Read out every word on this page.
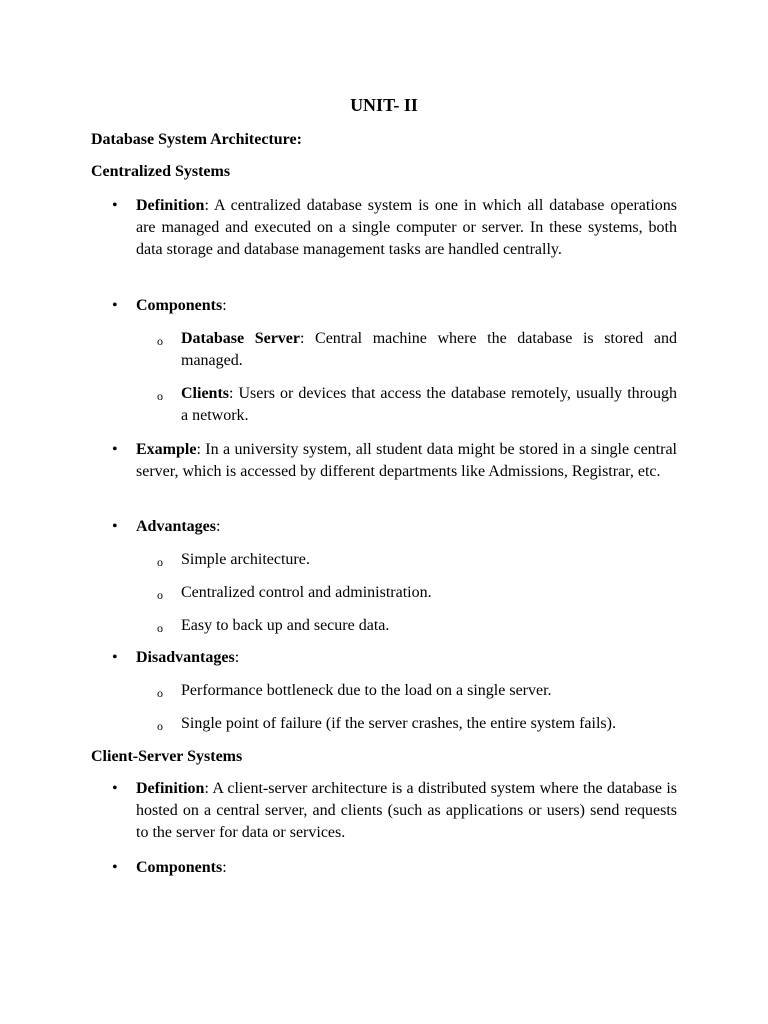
UNIT- II
Database System Architecture:
Centralized Systems
•	Definition: A centralized database system is one in which all database operations are managed and executed on a single computer or server. In these systems, both data storage and database management tasks are handled centrally.
•	Components:
o Database Server: Central machine where the database is stored and managed.
o Clients: Users or devices that access the database remotely, usually through a network.
•	Example: In a university system, all student data might be stored in a single central server, which is accessed by different departments like Admissions, Registrar, etc.
•	Advantages:
o Simple architecture.
o Centralized control and administration.
o Easy to back up and secure data.
•	Disadvantages:
o Performance bottleneck due to the load on a single server.
o Single point of failure (if the server crashes, the entire system fails).
Client-Server Systems
•	Definition: A client-server architecture is a distributed system where the database is hosted on a central server, and clients (such as applications or users) send requests to the server for data or services.
•	Components:
